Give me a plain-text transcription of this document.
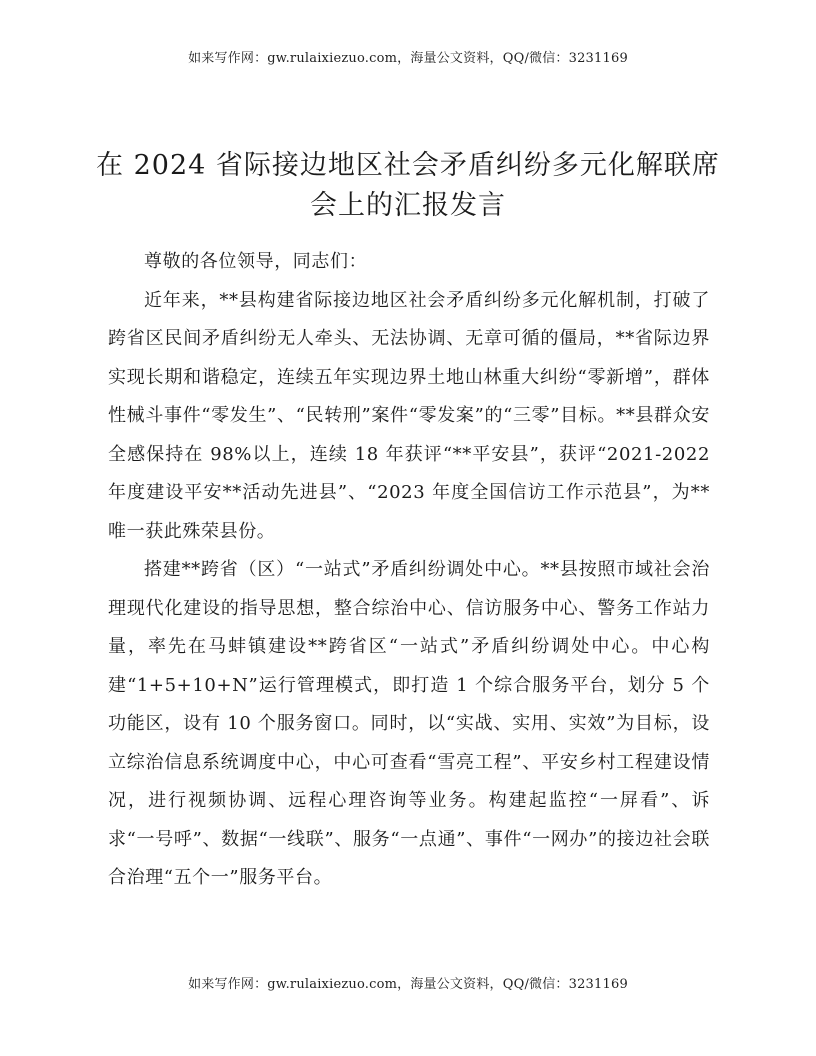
如来写作网：gw.rulaixiezuo.com，海量公文资料，QQ/微信：3231169
在 2024 省际接边地区社会矛盾纠纷多元化解联席会上的汇报发言

尊敬的各位领导，同志们：

近年来，**县构建省际接边地区社会矛盾纠纷多元化解机制，打破了跨省区民间矛盾纠纷无人牵头、无法协调、无章可循的僵局，**省际边界实现长期和谐稳定，连续五年实现边界土地山林重大纠纷“零新增”，群体性械斗事件“零发生”、“民转刑”案件“零发案”的“三零”目标。**县群众安全感保持在 98%以上，连续 18 年获评“**平安县”，获评“2021-2022 年度建设平安**活动先进县”、“2023 年度全国信访工作示范县”，为**唯一获此殊荣县份。

搭建**跨省（区）“一站式”矛盾纠纷调处中心。**县按照市域社会治理现代化建设的指导思想，整合综治中心、信访服务中心、警务工作站力量，率先在马蚌镇建设**跨省区“一站式”矛盾纠纷调处中心。中心构建“1+5+10+N”运行管理模式，即打造 1 个综合服务平台，划分 5 个功能区，设有 10 个服务窗口。同时，以“实战、实用、实效”为目标，设立综治信息系统调度中心，中心可查看“雪亮工程”、平安乡村工程建设情况，进行视频协调、远程心理咨询等业务。构建起监控“一屏看”、诉求“一号呼”、数据“一线联”、服务“一点通”、事件“一网办”的接边社会联合治理“五个一”服务平台。

如来写作网：gw.rulaixiezuo.com，海量公文资料，QQ/微信：3231169
